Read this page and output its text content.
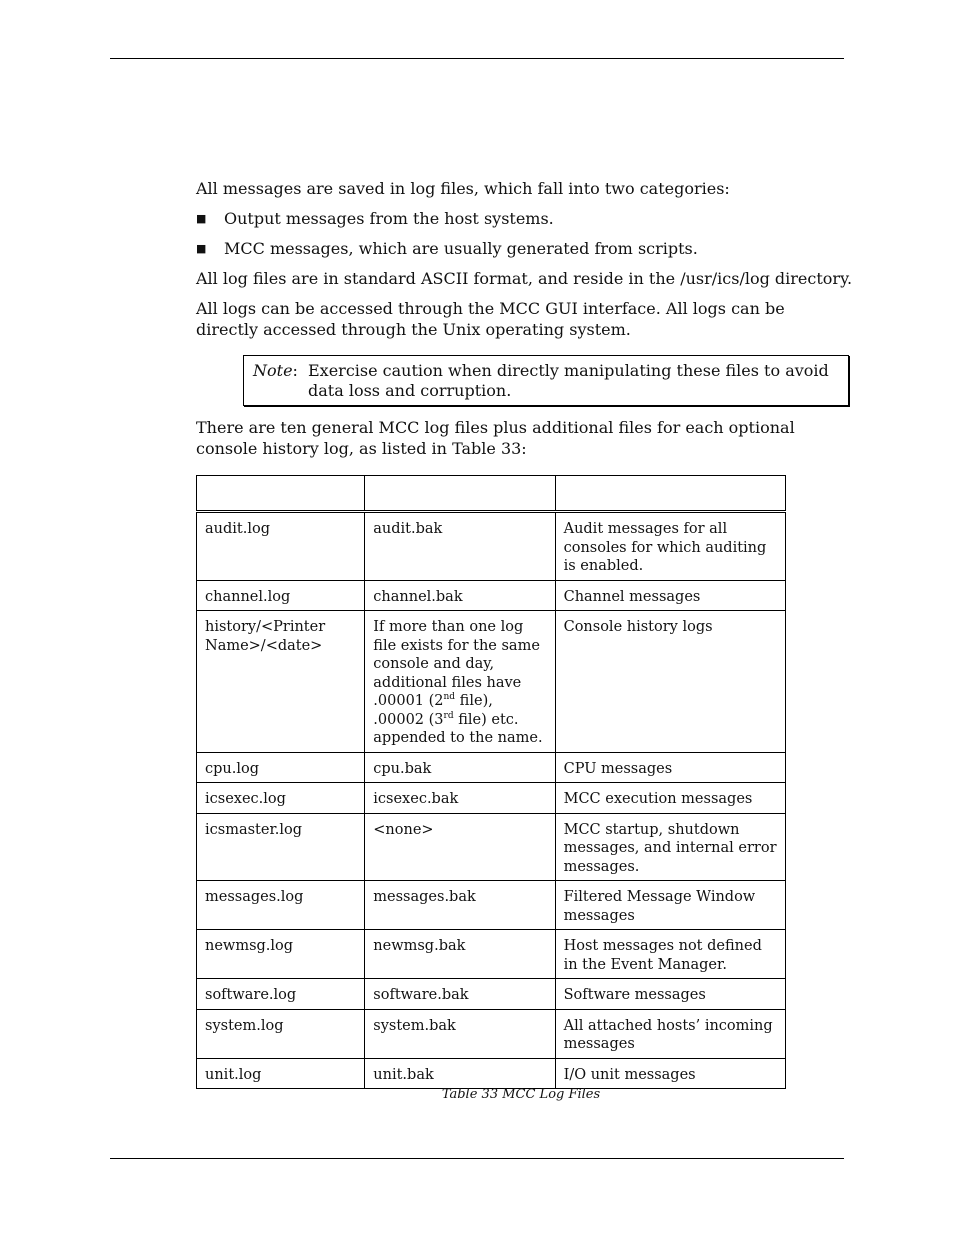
All messages are saved in log files, which fall into two categories:

■ Output messages from the host systems.
■ MCC messages, which are usually generated from scripts.

All log files are in standard ASCII format, and reside in the /usr/ics/log directory.

All logs can be accessed through the MCC GUI interface. All logs can be directly accessed through the Unix operating system.

Note: Exercise caution when directly manipulating these files to avoid data loss and corruption.

There are ten general MCC log files plus additional files for each optional console history log, as listed in Table 33:

audit.log	audit.bak	Audit messages for all consoles for which auditing is enabled.
channel.log	channel.bak	Channel messages
history/<Printer Name>/<date>	If more than one log file exists for the same console and day, additional files have .00001 (2nd file), .00002 (3rd file) etc. appended to the name.	Console history logs
cpu.log	cpu.bak	CPU messages
icsexec.log	icsexec.bak	MCC execution messages
icsmaster.log	<none>	MCC startup, shutdown messages, and internal error messages.
messages.log	messages.bak	Filtered Message Window messages
newmsg.log	newmsg.bak	Host messages not defined in the Event Manager.
software.log	software.bak	Software messages
system.log	system.bak	All attached hosts’ incoming messages
unit.log	unit.bak	I/O unit messages
Table 33 MCC Log Files
